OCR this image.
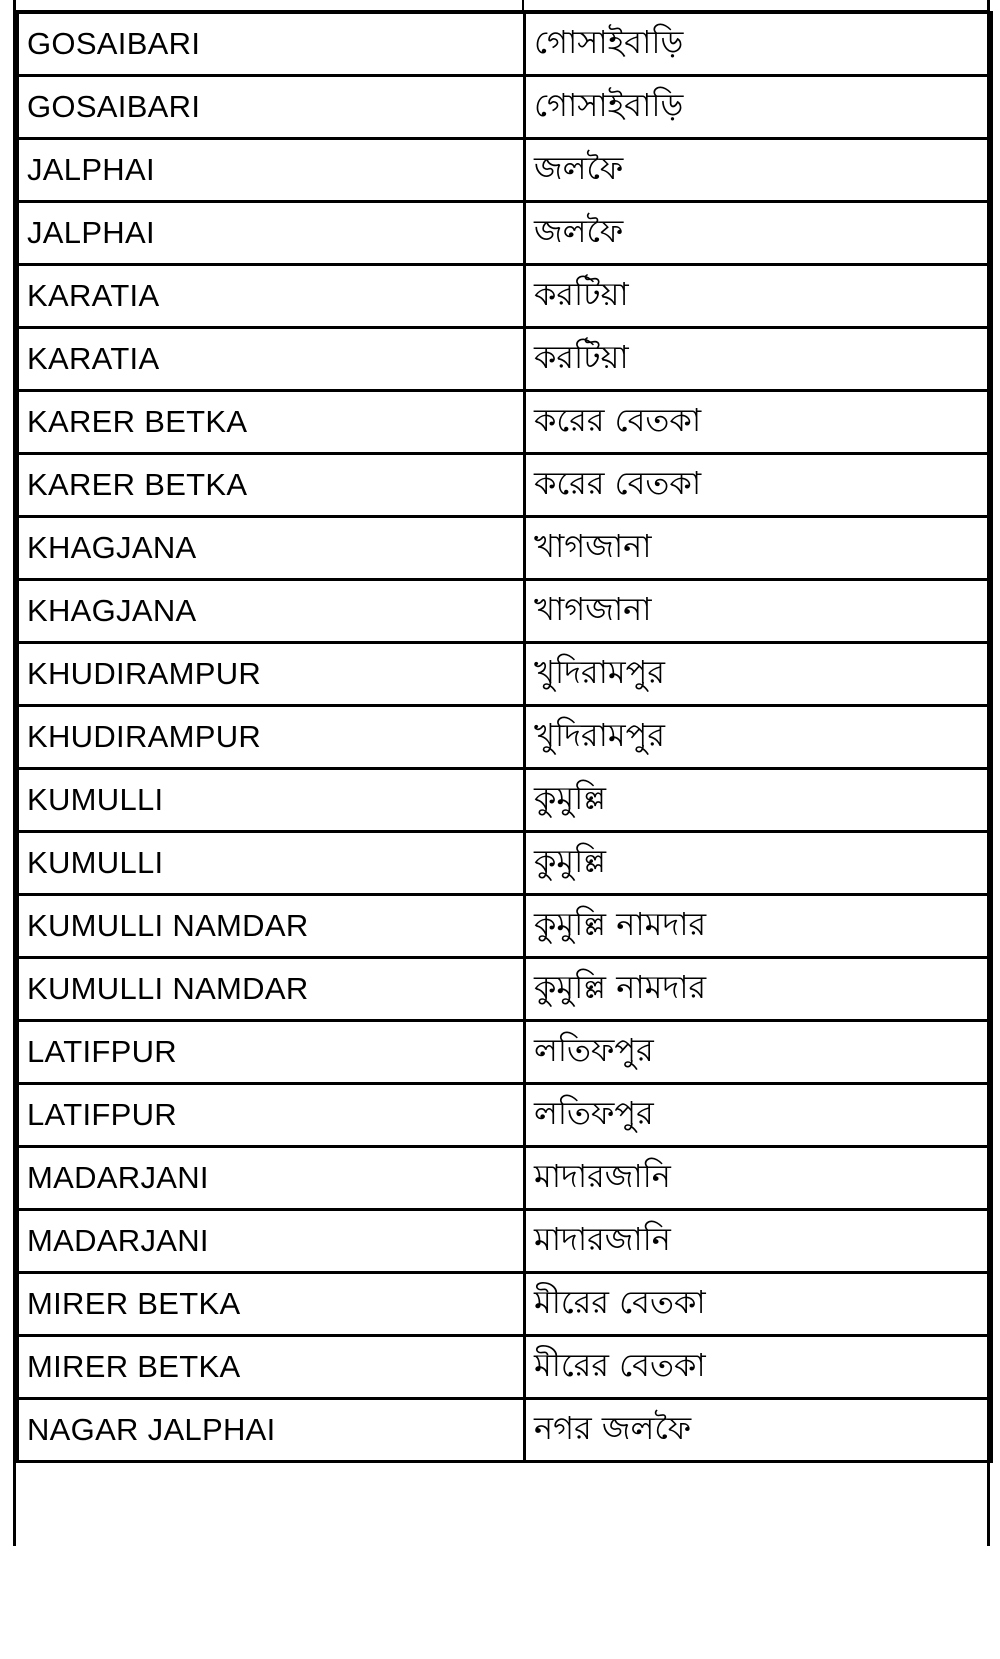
GOSAIBARI	গোসাইবাড়ি
GOSAIBARI	গোসাইবাড়ি
JALPHAI	জলফৈ
JALPHAI	জলফৈ
KARATIA	করটিয়া
KARATIA	করটিয়া
KARER BETKA	করের বেতকা
KARER BETKA	করের বেতকা
KHAGJANA	খাগজানা
KHAGJANA	খাগজানা
KHUDIRAMPUR	খুদিরামপুর
KHUDIRAMPUR	খুদিরামপুর
KUMULLI	কুমুল্লি
KUMULLI	কুমুল্লি
KUMULLI NAMDAR	কুমুল্লি নামদার
KUMULLI NAMDAR	কুমুল্লি নামদার
LATIFPUR	লতিফপুর
LATIFPUR	লতিফপুর
MADARJANI	মাদারজানি
MADARJANI	মাদারজানি
MIRER BETKA	মীরের বেতকা
MIRER BETKA	মীরের বেতকা
NAGAR JALPHAI	নগর জলফৈ
